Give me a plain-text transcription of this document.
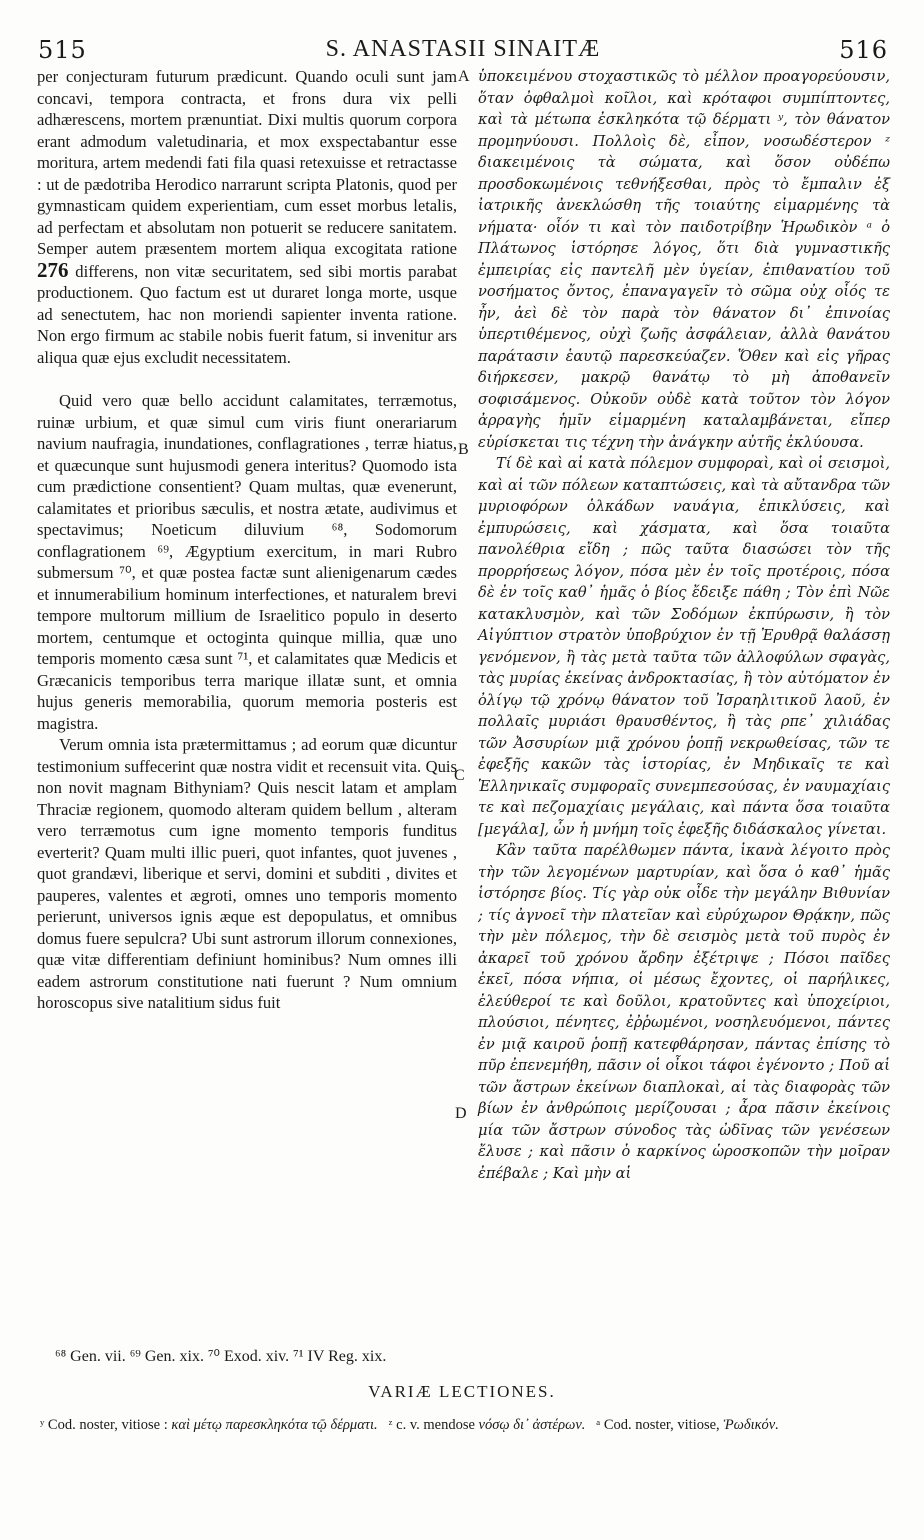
515	S. ANASTASII SINAITÆ	516

per conjecturam futurum prædicunt. Quando oculi sunt jam concavi, tempora contracta, et frons dura vix pelli adhærescens, mortem prænuntiat. Dixi multis quorum corpora erant admodum valetudinaria, et mox exspectabantur esse moritura, artem medendi fati fila quasi retexuisse et retractasse : ut de pædotriba Herodico narrarunt scripta Platonis, quod per gymnasticam quidem experientiam, cum esset morbus letalis, ad perfectam et absolutam non potuerit se reducere sanitatem. Semper autem præsentem mortem aliqua excogitata ratione 276 differens, non vitæ securitatem, sed sibi mortis parabat productionem. Quo factum est ut duraret longa morte, usque ad senectutem, hac non moriendi sapienter inventa ratione. Non ergo firmum ac stabile nobis fuerit fatum, si invenitur ars aliqua quæ ejus excludit necessitatem.

Quid vero quæ bello accidunt calamitates, terræmotus, ruinæ urbium, et quæ simul cum viris fiunt onerariarum navium naufragia, inundationes, conflagrationes , terræ hiatus, et quæcunque sunt hujusmodi genera interitus? Quomodo ista cum prædictione consentient? Quam multas, quæ evenerunt, calamitates et prioribus sæculis, et nostra ætate, audivimus et spectavimus; Noeticum diluvium ⁶⁸, Sodomorum conflagrationem ⁶⁹, Ægyptium exercitum, in mari Rubro submersum ⁷⁰, et quæ postea factæ sunt alienigenarum cædes et innumerabilium hominum interfectiones, et naturalem brevi tempore multorum millium de Israelitico populo in deserto mortem, centumque et octoginta quinque millia, quæ uno temporis momento cæsa sunt ⁷¹, et calamitates quæ Medicis et Græcanicis temporibus terra marique illatæ sunt, et omnia hujus generis memorabilia, quorum memoria posteris est magistra.

Verum omnia ista prætermittamus ; ad eorum quæ dicuntur testimonium suffecerint quæ nostra vidit et recensuit vita. Quis non novit magnam Bithyniam? Quis nescit latam et amplam Thraciæ regionem, quomodo alteram quidem bellum , alteram vero terræmotus cum igne momento temporis funditus everterit? Quam multi illic pueri, quot infantes, quot juvenes , quot grandævi, liberique et servi, domini et subditi , divites et pauperes, valentes et ægroti, omnes uno temporis momento perierunt, universos ignis æque est depopulatus, et omnibus domus fuere sepulcra? Ubi sunt astrorum illorum connexiones, quæ vitæ differentiam definiunt hominibus? Num omnes illi eadem astrorum constitutione nati fuerunt ? Num omnium horoscopus sive natalitium sidus fuit

A
B
C
D

ὑποκειμένου στοχαστικῶς τὸ μέλλον προαγορεύουσιν, ὅταν ὀφθαλμοὶ κοῖλοι, καὶ κρόταφοι συμπίπτοντες, καὶ τὰ μέτωπα ἐσκληκότα τῷ δέρματι ʸ, τὸν θάνατον προμηνύουσι. Πολλοὶς δὲ, εἶπον, νοσωδέστερον ᶻ διακειμένοις τὰ σώματα, καὶ ὅσον οὐδέπω προσδοκωμένοις τεθνήξεσθαι, πρὸς τὸ ἔμπαλιν ἐξ ἰατρικῆς ἀνεκλώσθη τῆς τοιαύτης εἱμαρμένης τὰ νήματα· οἷόν τι καὶ τὸν παιδοτρίβην Ἡρωδικὸν ᵃ ὁ Πλάτωνος ἱστόρησε λόγος, ὅτι διὰ γυμναστικῆς ἐμπειρίας εἰς παντελῆ μὲν ὑγείαν, ἐπιθανατίου τοῦ νοσήματος ὄντος, ἐπαναγαγεῖν τὸ σῶμα οὐχ οἷός τε ἦν, ἀεὶ δὲ τὸν παρὰ τὸν θάνατον δι᾽ ἐπινοίας ὑπερτιθέμενος, οὐχὶ ζωῆς ἀσφάλειαν, ἀλλὰ θανάτου παράτασιν ἑαυτῷ παρεσκεύαζεν. Ὅθεν καὶ εἰς γῆρας διήρκεσεν, μακρῷ θανάτῳ τὸ μὴ ἀποθανεῖν σοφισάμενος. Οὐκοῦν οὐδὲ κατὰ τοῦτον τὸν λόγον ἀρραγὴς ἡμῖν εἱμαρμένη καταλαμβάνεται, εἴπερ εὑρίσκεται τις τέχνη τὴν ἀνάγκην αὐτῆς ἐκλύουσα.

Τί δὲ καὶ αἱ κατὰ πόλεμον συμφοραὶ, καὶ οἱ σεισμοὶ, καὶ αἱ τῶν πόλεων καταπτώσεις, καὶ τὰ αὔτανδρα τῶν μυριοφόρων ὁλκάδων ναυάγια, ἐπικλύσεις, καὶ ἐμπυρώσεις, καὶ χάσματα, καὶ ὅσα τοιαῦτα πανολέθρια εἴδη ; πῶς ταῦτα διασώσει τὸν τῆς προρρήσεως λόγον, πόσα μὲν ἐν τοῖς προτέροις, πόσα δὲ ἐν τοῖς καθ᾽ ἡμᾶς ὁ βίος ἔδειξε πάθη ; Τὸν ἐπὶ Νῶε κατακλυσμὸν, καὶ τῶν Σοδόμων ἐκπύρωσιν, ἢ τὸν Αἰγύπτιον στρατὸν ὑποβρύχιον ἐν τῇ Ἐρυθρᾷ θαλάσσῃ γενόμενον, ἢ τὰς μετὰ ταῦτα τῶν ἀλλοφύλων σφαγὰς, τὰς μυρίας ἐκείνας ἀνδροκτασίας, ἢ τὸν αὐτόματον ἐν ὀλίγῳ τῷ χρόνῳ θάνατον τοῦ Ἰσραηλιτικοῦ λαοῦ, ἐν πολλαῖς μυριάσι θραυσθέντος, ἢ τὰς ρπε᾽ χιλιάδας τῶν Ἀσσυρίων μιᾷ χρόνου ῥοπῇ νεκρωθείσας, τῶν τε ἐφεξῆς κακῶν τὰς ἱστορίας, ἐν Μηδικαῖς τε καὶ Ἑλληνικαῖς συμφοραῖς συνεμπεσούσας, ἐν ναυμαχίαις τε καὶ πεζομαχίαις μεγάλαις, καὶ πάντα ὅσα τοιαῦτα [μεγάλα], ὧν ἡ μνήμη τοῖς ἐφεξῆς διδάσκαλος γίνεται.

Κἂν ταῦτα παρέλθωμεν πάντα, ἱκανὰ λέγοιτο πρὸς τὴν τῶν λεγομένων μαρτυρίαν, καὶ ὅσα ὁ καθ᾽ ἡμᾶς ἱστόρησε βίος. Τίς γὰρ οὐκ οἶδε τὴν μεγάλην Βιθυνίαν ; τίς ἀγνοεῖ τὴν πλατεῖαν καὶ εὐρύχωρον Θρᾴκην, πῶς τὴν μὲν πόλεμος, τὴν δὲ σεισμὸς μετὰ τοῦ πυρὸς ἐν ἀκαρεῖ τοῦ χρόνου ἄρδην ἐξέτριψε ; Πόσοι παῖδες ἐκεῖ, πόσα νήπια, οἱ μέσως ἔχοντες, οἱ παρήλικες, ἐλεύθεροί τε καὶ δοῦλοι, κρατοῦντες καὶ ὑποχείριοι, πλούσιοι, πένητες, ἐῤῥωμένοι, νοσηλευόμενοι, πάντες ἐν μιᾷ καιροῦ ῥοπῇ κατεφθάρησαν, πάντας ἐπίσης τὸ πῦρ ἐπενεμήθη, πᾶσιν οἱ οἶκοι τάφοι ἐγένοντο ; Ποῦ αἱ τῶν ἄστρων ἐκείνων διαπλοκαὶ, αἱ τὰς διαφορὰς τῶν βίων ἐν ἀνθρώποις μερίζουσαι ; ἆρα πᾶσιν ἐκείνοις μία τῶν ἄστρων σύνοδος τὰς ὠδῖνας τῶν γενέσεων ἔλυσε ; καὶ πᾶσιν ὁ καρκίνος ὡροσκοπῶν τὴν μοῖραν ἐπέβαλε ; Καὶ μὴν αἱ

⁶⁸ Gen. vii. ⁶⁹ Gen. xix. ⁷⁰ Exod. xiv. ⁷¹ IV Reg. xix.
VARIÆ LECTIONES.
ʸ Cod. noster, vitiose : καὶ μέτῳ παρεσκληκότα τῷ δέρματι. ᶻ c. v. mendose νόσῳ δι᾽ ἀστέρων. ᵃ Cod. noster, vitiose, Ῥωδικόν.
